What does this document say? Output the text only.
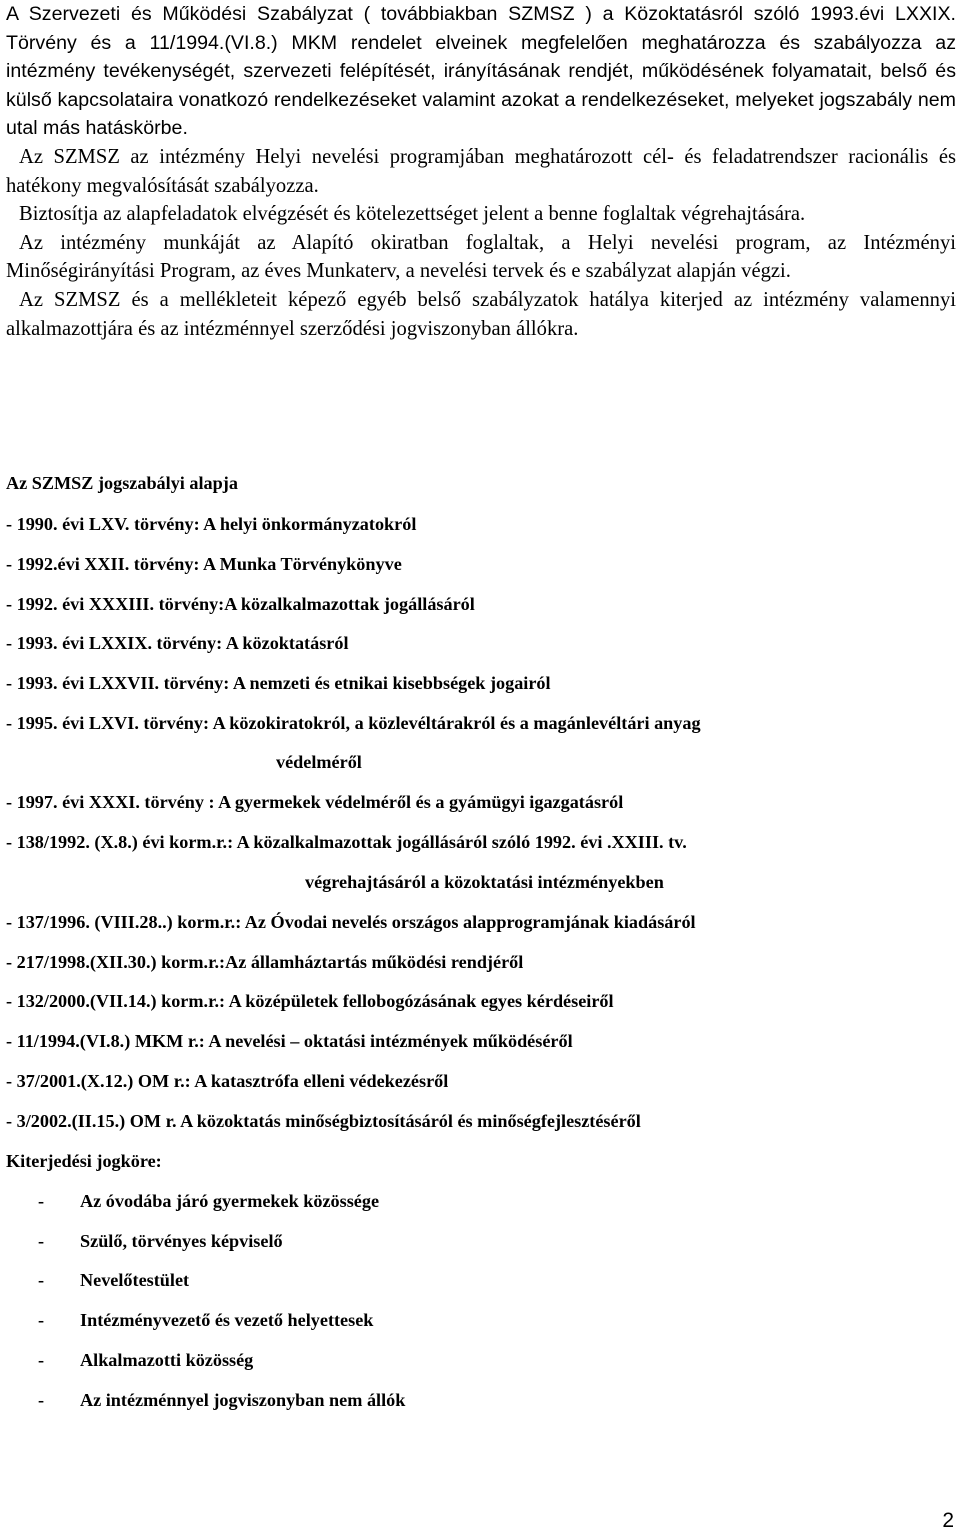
A Szervezeti és Működési Szabályzat ( továbbiakban SZMSZ ) a Közoktatásról szóló 1993.évi LXXIX. Törvény és a 11/1994.(VI.8.) MKM rendelet elveinek megfelelően meghatározza és szabályozza az intézmény tevékenységét, szervezeti felépítését, irányításának rendjét, működésének folyamatait, belső és külső kapcsolataira vonatkozó rendelkezéseket valamint azokat a rendelkezéseket, melyeket jogszabály nem utal más hatáskörbe.

Az SZMSZ az intézmény Helyi nevelési programjában meghatározott cél- és feladatrendszer racionális és hatékony megvalósítását szabályozza.

Biztosítja az alapfeladatok elvégzését és kötelezettséget jelent a benne foglaltak végrehajtására.

Az intézmény munkáját az Alapító okiratban foglaltak, a Helyi nevelési program, az Intézményi Minőségirányítási Program, az éves Munkaterv, a nevelési tervek és e szabályzat alapján végzi.

Az SZMSZ és a mellékleteit képező egyéb belső szabályzatok hatálya kiterjed az intézmény valamennyi alkalmazottjára és az intézménnyel szerződési jogviszonyban állókra.

Az SZMSZ jogszabályi alapja
- 1990. évi LXV. törvény: A helyi önkormányzatokról
- 1992.évi XXII. törvény: A Munka Törvénykönyve
- 1992. évi XXXIII. törvény:A közalkalmazottak jogállásáról
- 1993. évi LXXIX. törvény: A közoktatásról
- 1993. évi LXXVII. törvény: A nemzeti és etnikai kisebbségek jogairól
- 1995. évi LXVI. törvény: A közokiratokról, a közlevéltárakról és a magánlevéltári anyag
védelméről
- 1997. évi XXXI. törvény : A gyermekek védelméről és a gyámügyi igazgatásról
- 138/1992. (X.8.) évi korm.r.: A közalkalmazottak jogállásáról szóló 1992. évi .XXIII. tv.
végrehajtásáról a közoktatási intézményekben
- 137/1996. (VIII.28..) korm.r.: Az Óvodai nevelés országos alapprogramjának kiadásáról
- 217/1998.(XII.30.) korm.r.:Az államháztartás működési rendjéről
- 132/2000.(VII.14.) korm.r.: A középületek fellobogózásának egyes kérdéseiről
- 11/1994.(VI.8.) MKM r.: A nevelési – oktatási intézmények működéséről
- 37/2001.(X.12.) OM r.: A katasztrófa elleni védekezésről
- 3/2002.(II.15.) OM r. A közoktatás minőségbiztosításáról és minőségfejlesztéséről
Kiterjedési jogköre:
- Az óvodába járó gyermekek közössége
- Szülő, törvényes képviselő
- Nevelőtestület
- Intézményvezető és vezető helyettesek
- Alkalmazotti közösség
- Az intézménnyel jogviszonyban nem állók
2
